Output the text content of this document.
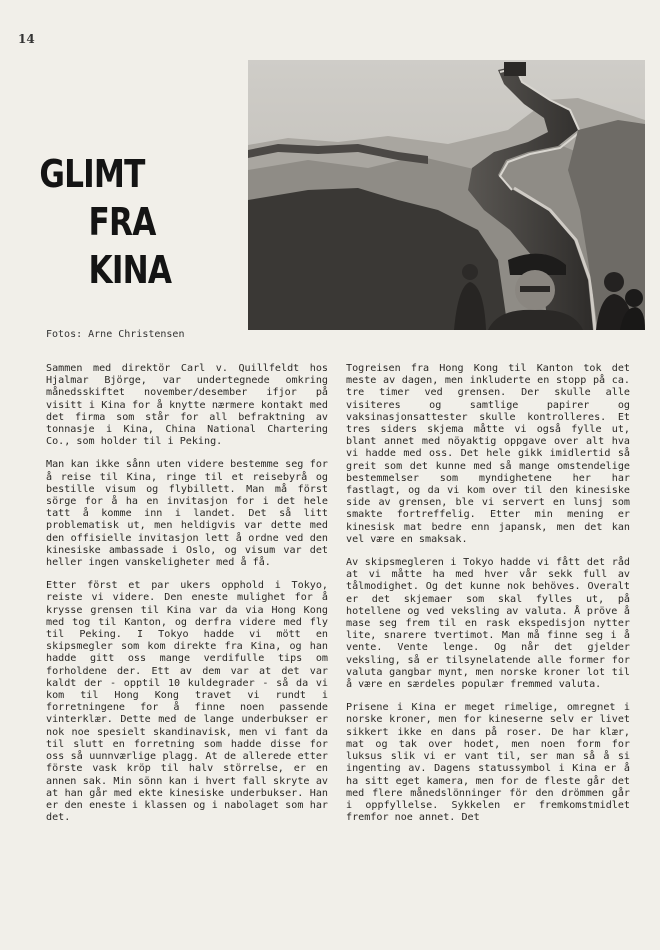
14
GLIMT
FRA KINA
Fotos: Arne Christensen

Sammen med direktör Carl v. Quillfeldt hos Hjalmar Björge, var undertegnede omkring månedsskiftet november/desember ifjor på visitt i Kina for å knytte nærmere kontakt med det firma som står for all befraktning av tonnasje i Kina, China National Chartering Co., som holder til i Peking.

Man kan ikke sånn uten videre bestemme seg for å reise til Kina, ringe til et reisebyrå og bestille visum og flybillett. Man må först sörge for å ha en invitasjon for i det hele tatt å komme inn i landet. Det så litt problematisk ut, men heldigvis var dette med den offisielle invitasjon lett å ordne ved den kinesiske ambassade i Oslo, og visum var det heller ingen vanskeligheter med å få.

Etter först et par ukers opphold i Tokyo, reiste vi videre. Den eneste mulighet for å krysse grensen til Kina var da via Hong Kong med tog til Kanton, og derfra videre med fly til Peking. I Tokyo hadde vi mött en skipsmegler som kom direkte fra Kina, og han hadde gitt oss mange verdifulle tips om forholdene der. Ett av dem var at det var kaldt der - opptil 10 kuldegrader - så da vi kom til Hong Kong travet vi rundt i forretningene for å finne noen passende vinterklær. Dette med de lange underbukser er nok noe spesielt skandinavisk, men vi fant da til slutt en forretning som hadde disse for oss så uunnværlige plagg. At de allerede etter förste vask kröp til halv störrelse, er en annen sak. Min sönn kan i hvert fall skryte av at han går med ekte kinesiske underbukser. Han er den eneste i klassen og i nabolaget som har det.

Togreisen fra Hong Kong til Kanton tok det meste av dagen, men inkluderte en stopp på ca. tre timer ved grensen. Der skulle alle visiteres og samtlige papirer og vaksinasjonsattester skulle kontrolleres. Et tres siders skjema måtte vi også fylle ut, blant annet med nöyaktig oppgave over alt hva vi hadde med oss. Det hele gikk imidlertid så greit som det kunne med så mange omstendelige bestemmelser som myndighetene her har fastlagt, og da vi kom over til den kinesiske side av grensen, ble vi servert en lunsj som smakte fortreffelig. Etter min mening er kinesisk mat bedre enn japansk, men det kan vel være en smaksak.

Av skipsmegleren i Tokyo hadde vi fått det råd at vi måtte ha med hver vår sekk full av tålmodighet. Og det kunne nok behöves. Overalt er det skjemaer som skal fylles ut, på hotellene og ved veksling av valuta. Å pröve å mase seg frem til en rask ekspedisjon nytter lite, snarere tvertimot. Man må finne seg i å vente. Vente lenge. Og når det gjelder veksling, så er tilsynelatende alle former for valuta gangbar mynt, men norske kroner lot til å være en særdeles populær fremmed valuta.

Prisene i Kina er meget rimelige, omregnet i norske kroner, men for kineserne selv er livet sikkert ikke en dans på roser. De har klær, mat og tak over hodet, men noen form for luksus slik vi er vant til, ser man så å si ingenting av. Dagens statussymbol i Kina er å ha sitt eget kamera, men for de fleste går det med flere månedslönninger för den drömmen går i oppfyllelse. Sykkelen er fremkomstmidlet fremfor noe annet. Det
